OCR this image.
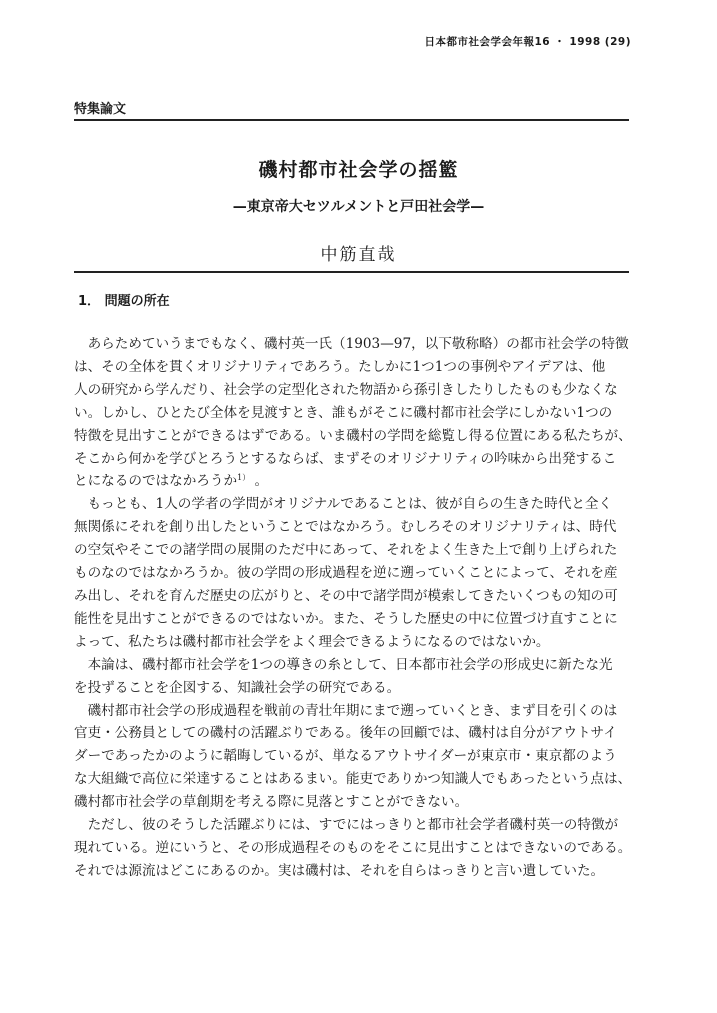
日本都市社会学会年報16 ・ 1998 (29)
特集論文
磯村都市社会学の揺籃
—東京帝大セツルメントと戸田社会学—
中筋直哉
1． 問題の所在
　あらためていうまでもなく、磯村英一氏（1903—97，以下敬称略）の都市社会学の特徴
は、その全体を貫くオリジナリティであろう。たしかに1つ1つの事例やアイデアは、他
人の研究から学んだり、社会学の定型化された物語から孫引きしたりしたものも少なくな
い。しかし、ひとたび全体を見渡すとき、誰もがそこに磯村都市社会学にしかない1つの
特徴を見出すことができるはずである。いま磯村の学問を総覧し得る位置にある私たちが、
そこから何かを学びとろうとするならば、まずそのオリジナリティの吟味から出発するこ
とになるのではなかろうか$^{1)}$ 。
　もっとも、1人の学者の学問がオリジナルであることは、彼が自らの生きた時代と全く
無関係にそれを創り出したということではなかろう。むしろそのオリジナリティは、時代
の空気やそこでの諸学問の展開のただ中にあって、それをよく生きた上で創り上げられた
ものなのではなかろうか。彼の学問の形成過程を逆に遡っていくことによって、それを産
み出し、それを育んだ歴史の広がりと、その中で諸学問が模索してきたいくつもの知の可
能性を見出すことができるのではないか。また、そうした歴史の中に位置づけ直すことに
よって、私たちは磯村都市社会学をよく理会できるようになるのではないか。
　本論は、磯村都市社会学を1つの導きの糸として、日本都市社会学の形成史に新たな光
を投ずることを企図する、知識社会学の研究である。
　磯村都市社会学の形成過程を戦前の青壮年期にまで遡っていくとき、まず目を引くのは
官吏・公務員としての磯村の活躍ぶりである。後年の回顧では、磯村は自分がアウトサイ
ダーであったかのように韜晦しているが、単なるアウトサイダーが東京市・東京都のよう
な大組織で高位に栄達することはあるまい。能吏でありかつ知識人でもあったという点は、
磯村都市社会学の草創期を考える際に見落とすことができない。
　ただし、彼のそうした活躍ぶりには、すでにはっきりと都市社会学者磯村英一の特徴が
現れている。逆にいうと、その形成過程そのものをそこに見出すことはできないのである。
それでは源流はどこにあるのか。実は磯村は、それを自らはっきりと言い遺していた。
